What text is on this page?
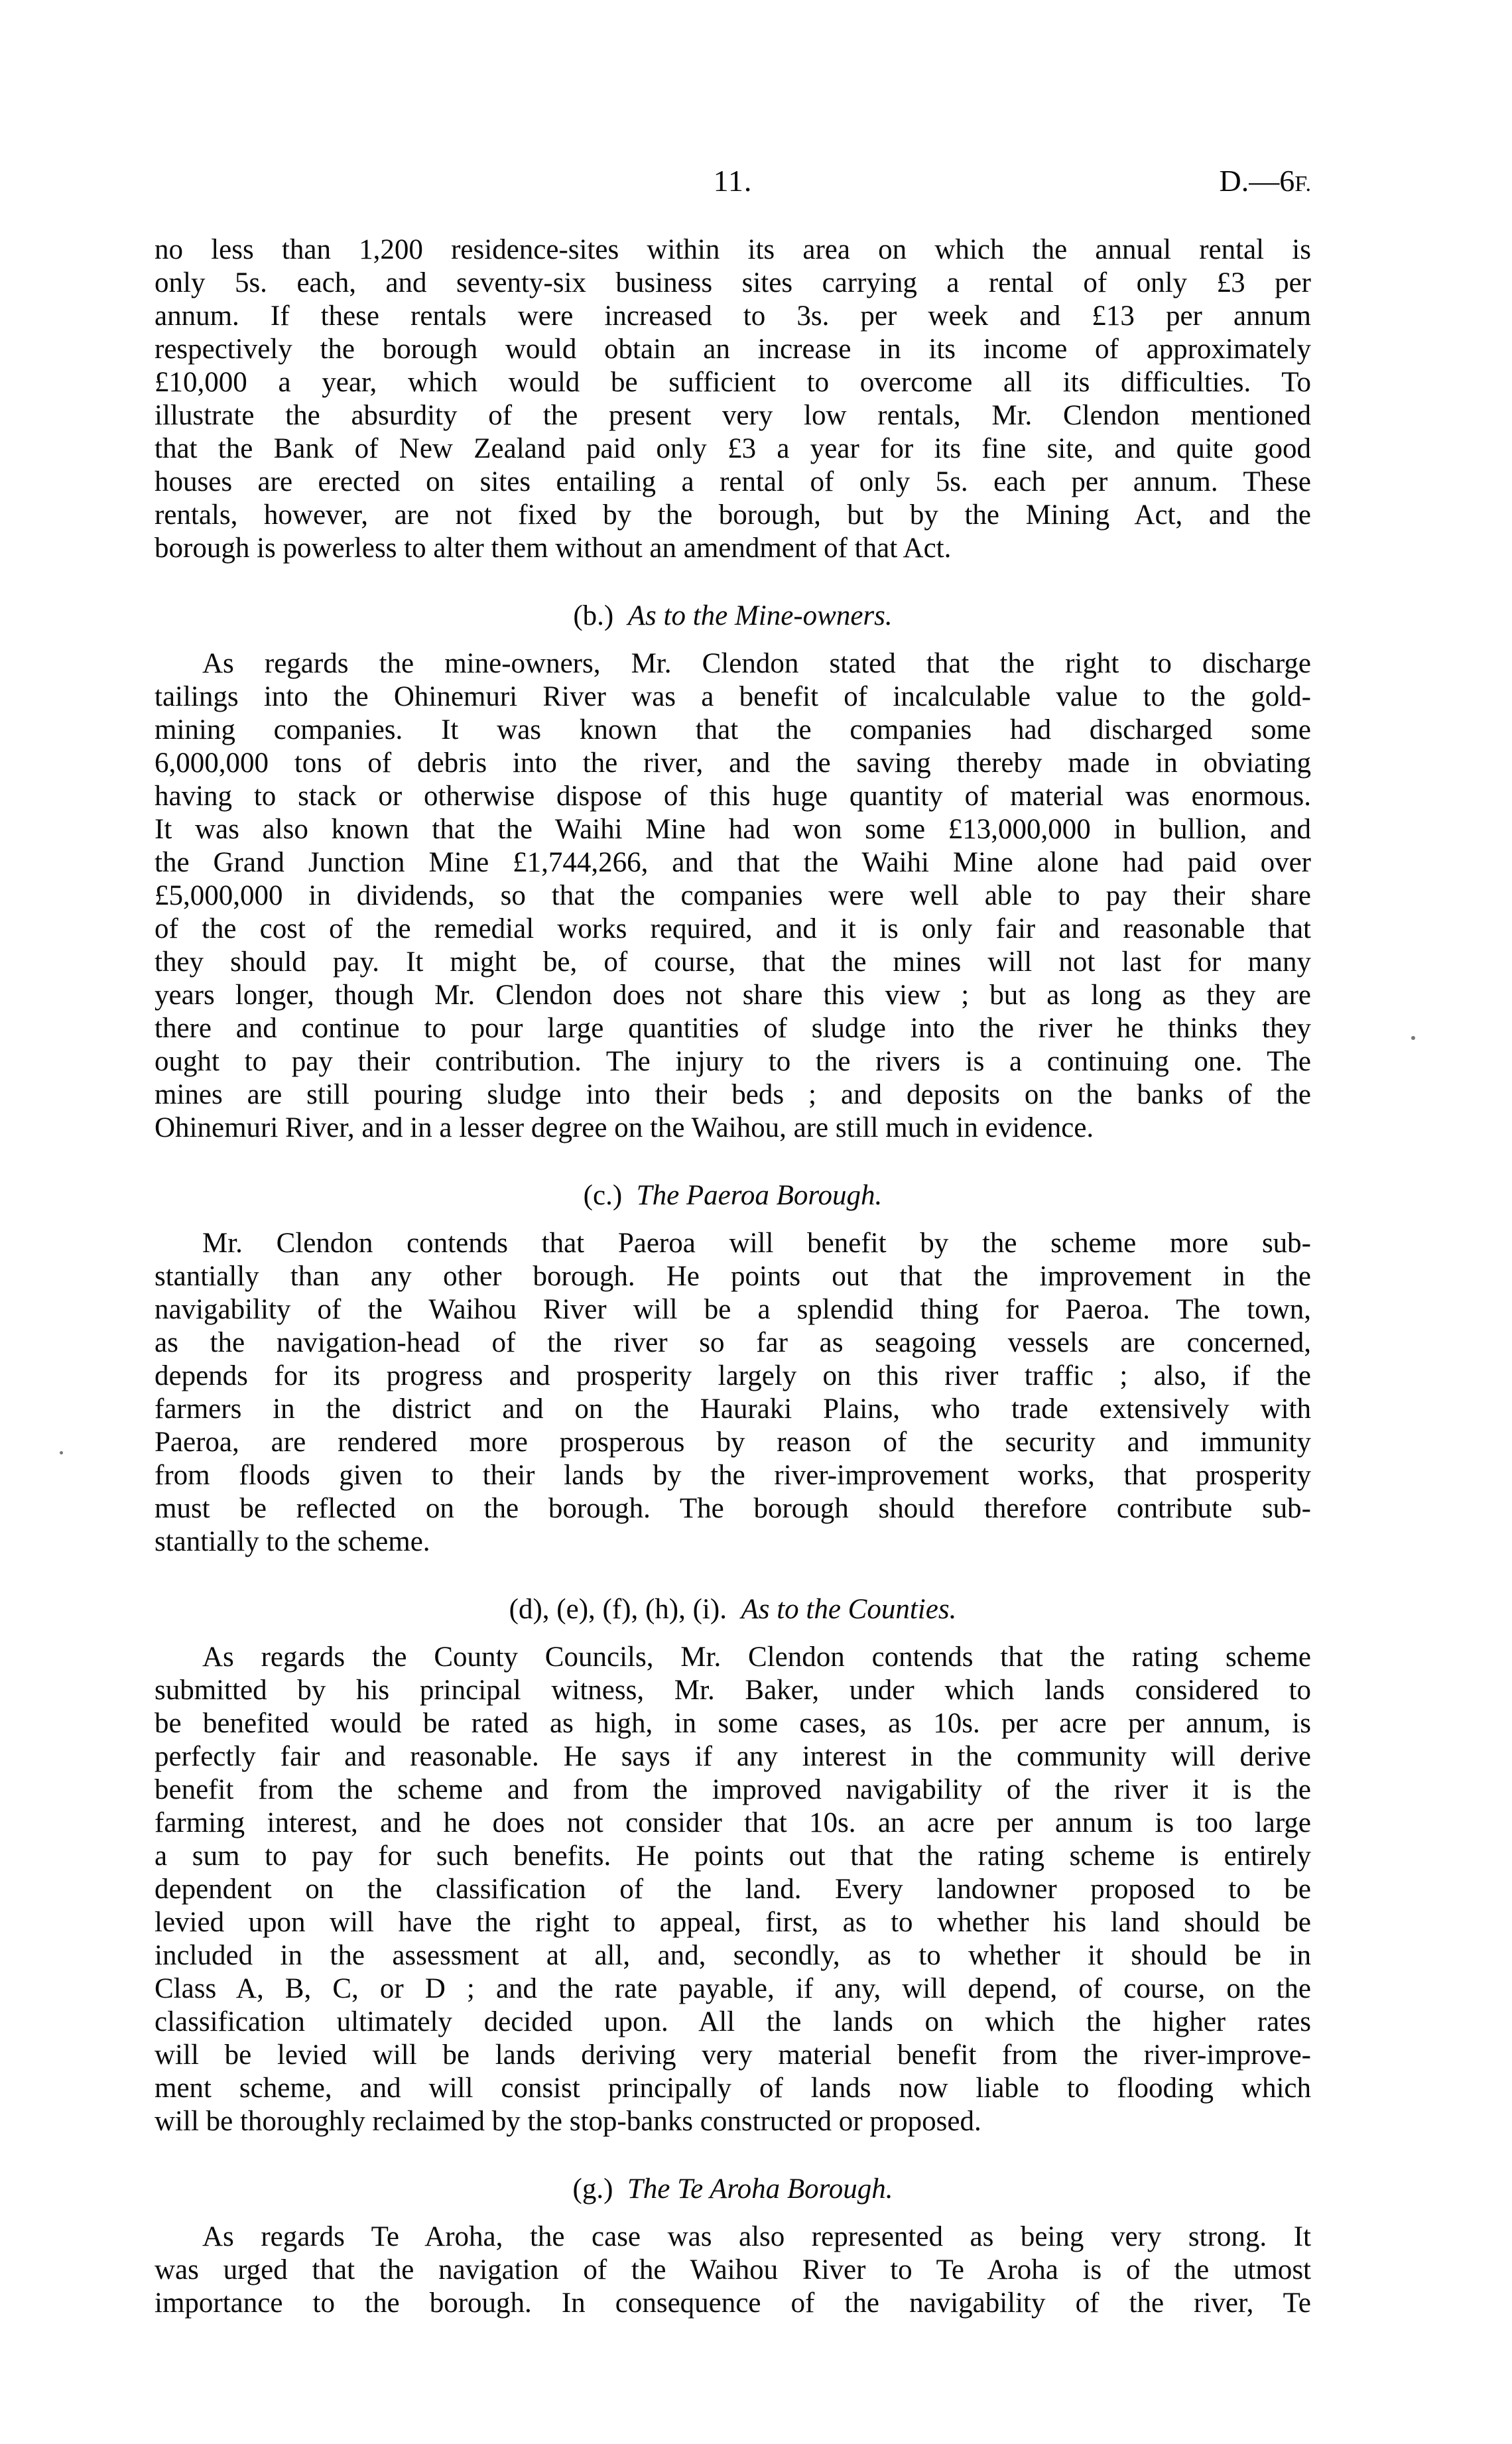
11.	D.—6F.

no less than 1,200 residence-sites within its area on which the annual rental is
only 5s. each, and seventy-six business sites carrying a rental of only £3 per
annum. If these rentals were increased to 3s. per week and £13 per annum
respectively the borough would obtain an increase in its income of approximately
£10,000 a year, which would be sufficient to overcome all its difficulties. To
illustrate the absurdity of the present very low rentals, Mr. Clendon mentioned
that the Bank of New Zealand paid only £3 a year for its fine site, and quite good
houses are erected on sites entailing a rental of only 5s. each per annum. These
rentals, however, are not fixed by the borough, but by the Mining Act, and the
borough is powerless to alter them without an amendment of that Act.

(b.) As to the Mine-owners.

As regards the mine-owners, Mr. Clendon stated that the right to discharge
tailings into the Ohinemuri River was a benefit of incalculable value to the gold-
mining companies. It was known that the companies had discharged some
6,000,000 tons of debris into the river, and the saving thereby made in obviating
having to stack or otherwise dispose of this huge quantity of material was enormous.
It was also known that the Waihi Mine had won some £13,000,000 in bullion, and
the Grand Junction Mine £1,744,266, and that the Waihi Mine alone had paid over
£5,000,000 in dividends, so that the companies were well able to pay their share
of the cost of the remedial works required, and it is only fair and reasonable that
they should pay. It might be, of course, that the mines will not last for many
years longer, though Mr. Clendon does not share this view ; but as long as they are
there and continue to pour large quantities of sludge into the river he thinks they
ought to pay their contribution. The injury to the rivers is a continuing one. The
mines are still pouring sludge into their beds ; and deposits on the banks of the
Ohinemuri River, and in a lesser degree on the Waihou, are still much in evidence.

(c.) The Paeroa Borough.

Mr. Clendon contends that Paeroa will benefit by the scheme more sub-
stantially than any other borough. He points out that the improvement in the
navigability of the Waihou River will be a splendid thing for Paeroa. The town,
as the navigation-head of the river so far as seagoing vessels are concerned,
depends for its progress and prosperity largely on this river traffic ; also, if the
farmers in the district and on the Hauraki Plains, who trade extensively with
Paeroa, are rendered more prosperous by reason of the security and immunity
from floods given to their lands by the river-improvement works, that prosperity
must be reflected on the borough. The borough should therefore contribute sub-
stantially to the scheme.

(d), (e), (f), (h), (i). As to the Counties.

As regards the County Councils, Mr. Clendon contends that the rating scheme
submitted by his principal witness, Mr. Baker, under which lands considered to
be benefited would be rated as high, in some cases, as 10s. per acre per annum, is
perfectly fair and reasonable. He says if any interest in the community will derive
benefit from the scheme and from the improved navigability of the river it is the
farming interest, and he does not consider that 10s. an acre per annum is too large
a sum to pay for such benefits. He points out that the rating scheme is entirely
dependent on the classification of the land. Every landowner proposed to be
levied upon will have the right to appeal, first, as to whether his land should be
included in the assessment at all, and, secondly, as to whether it should be in
Class A, B, C, or D ; and the rate payable, if any, will depend, of course, on the
classification ultimately decided upon. All the lands on which the higher rates
will be levied will be lands deriving very material benefit from the river-improve-
ment scheme, and will consist principally of lands now liable to flooding which
will be thoroughly reclaimed by the stop-banks constructed or proposed.

(g.) The Te Aroha Borough.

As regards Te Aroha, the case was also represented as being very strong. It
was urged that the navigation of the Waihou River to Te Aroha is of the utmost
importance to the borough. In consequence of the navigability of the river, Te
